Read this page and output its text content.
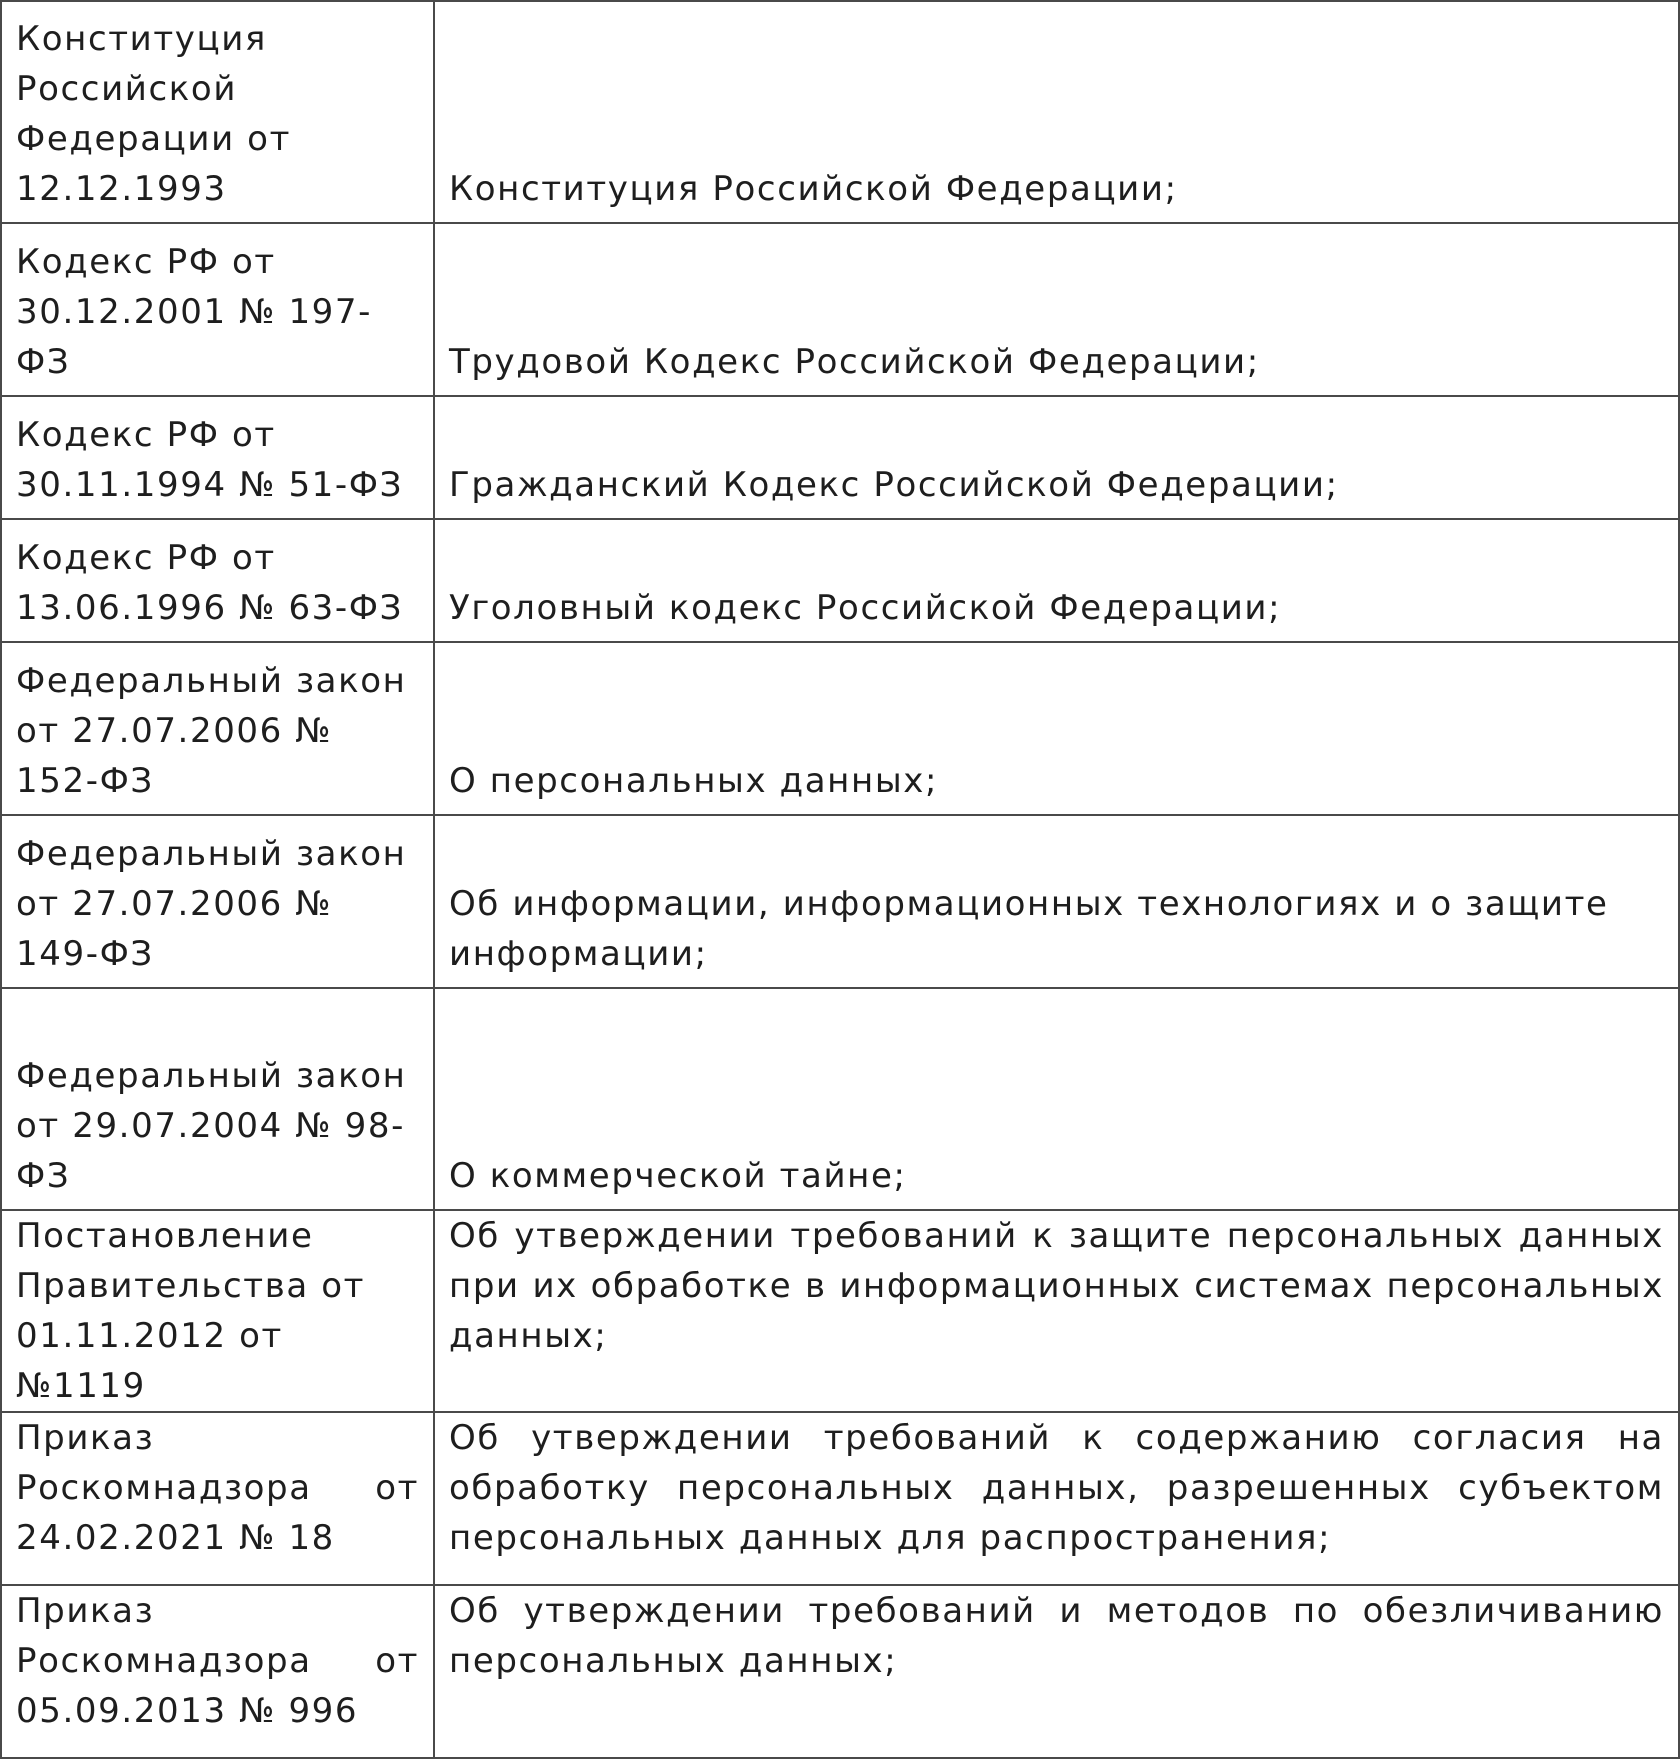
Конституция Российской Федерации от 12.12.1993	Конституция Российской Федерации;

Кодекс РФ от 30.12.2001 № 197-ФЗ	Трудовой Кодекс Российской Федерации;

Кодекс РФ от 30.11.1994 № 51-ФЗ	Гражданский Кодекс Российской Федерации;

Кодекс РФ от 13.06.1996 № 63-ФЗ	Уголовный кодекс Российской Федерации;

Федеральный закон от 27.07.2006 № 152-ФЗ	О персональных данных;

Федеральный закон от 27.07.2006 № 149-ФЗ	Об информации, информационных технологиях и о защите информации;

Федеральный закон от 29.07.2004 № 98-ФЗ	О коммерческой тайне;

Постановление Правительства от 01.11.2012 от №1119	Об утверждении требований к защите персональных данных при их обработке в информационных системах персональных данных;

Приказ Роскомнадзора от 24.02.2021 № 18	Об утверждении требований к содержанию согласия на обработку персональных данных, разрешенных субъектом персональных данных для распространения;

Приказ Роскомнадзора от 05.09.2013 № 996	Об утверждении требований и методов по обезличиванию персональных данных;
